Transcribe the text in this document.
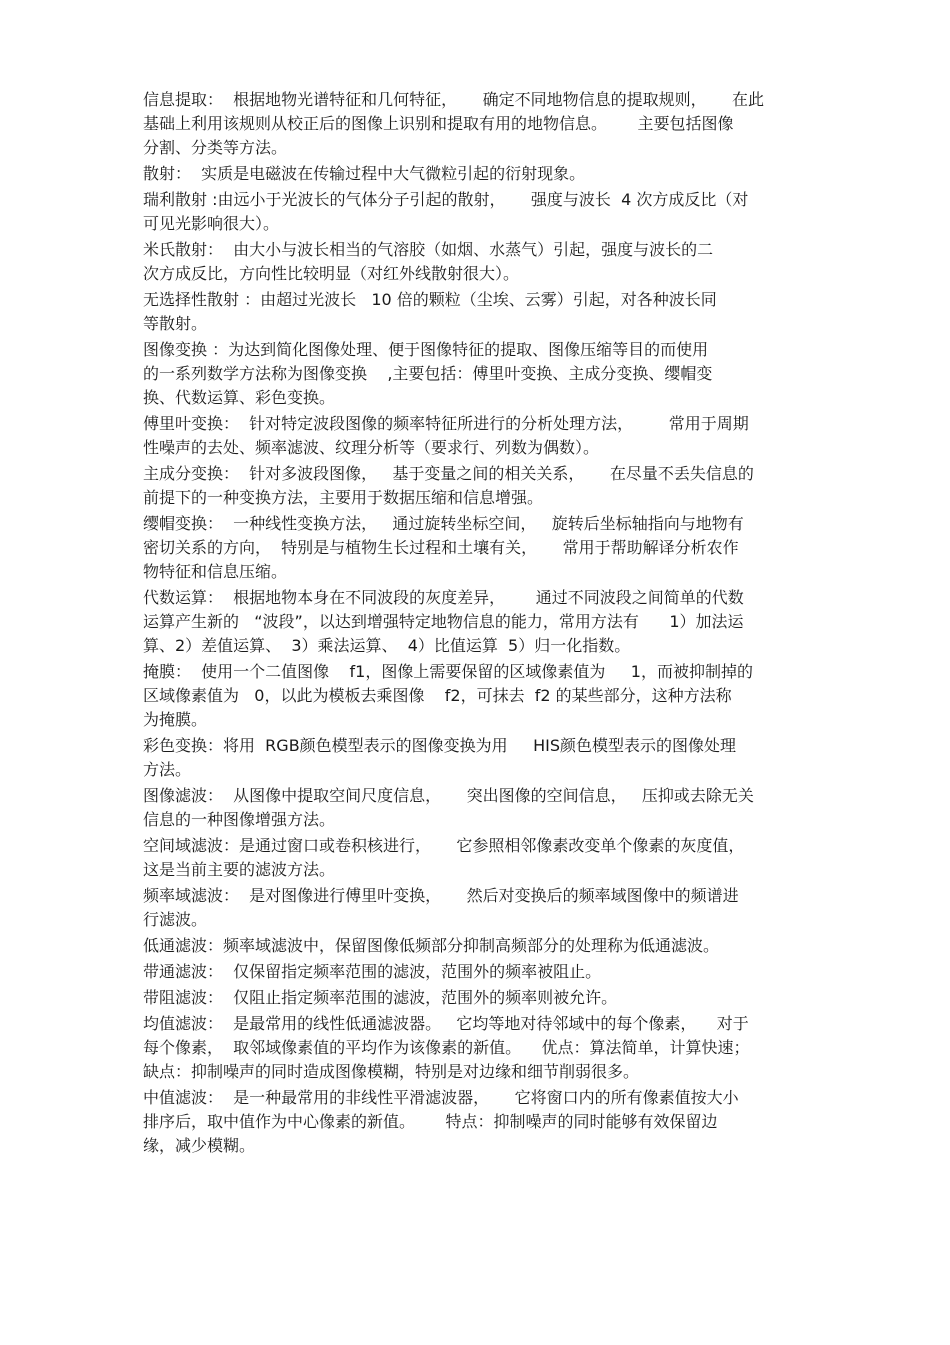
信息提取：  根据地物光谱特征和几何特征，     确定不同地物信息的提取规则，     在此
基础上利用该规则从校正后的图像上识别和提取有用的地物信息。      主要包括图像
分割、分类等方法。
散射：  实质是电磁波在传输过程中大气微粒引起的衍射现象。
瑞利散射 :由远小于光波长的气体分子引起的散射，     强度与波长  4 次方成反比（对
可见光影响很大）。
米氏散射：  由大小与波长相当的气溶胶（如烟、水蒸气）引起，强度与波长的二
次方成反比，方向性比较明显（对红外线散射很大）。
无选择性散射 ：由超过光波长   10 倍的颗粒（尘埃、云雾）引起，对各种波长同
等散射。
图像变换 ：为达到简化图像处理、便于图像特征的提取、图像压缩等目的而使用
的一系列数学方法称为图像变换    ,主要包括：傅里叶变换、主成分变换、缨帽变
换、代数运算、彩色变换。
傅里叶变换：  针对特定波段图像的频率特征所进行的分析处理方法，       常用于周期
性噪声的去处、频率滤波、纹理分析等（要求行、列数为偶数）。
主成分变换：  针对多波段图像，   基于变量之间的相关关系，     在尽量不丢失信息的
前提下的一种变换方法，主要用于数据压缩和信息增强。
缨帽变换：  一种线性变换方法，   通过旋转坐标空间，   旋转后坐标轴指向与地物有
密切关系的方向，  特别是与植物生长过程和土壤有关，     常用于帮助解译分析农作
物特征和信息压缩。
代数运算：  根据地物本身在不同波段的灰度差异，      通过不同波段之间简单的代数
运算产生新的   “波段”，以达到增强特定地物信息的能力，常用方法有      1）加法运
算、2）差值运算、  3）乘法运算、  4）比值运算  5）归一化指数。
掩膜：  使用一个二值图像    f1，图像上需要保留的区域像素值为     1，而被抑制掉的
区域像素值为   0，以此为模板去乘图像    f2，可抹去  f2 的某些部分，这种方法称
为掩膜。
彩色变换：将用  RGB颜色模型表示的图像变换为用     HIS颜色模型表示的图像处理
方法。
图像滤波：  从图像中提取空间尺度信息，     突出图像的空间信息，   压抑或去除无关
信息的一种图像增强方法。
空间域滤波：是通过窗口或卷积核进行，     它参照相邻像素改变单个像素的灰度值，
这是当前主要的滤波方法。
频率域滤波：  是对图像进行傅里叶变换，     然后对变换后的频率域图像中的频谱进
行滤波。
低通滤波：频率域滤波中，保留图像低频部分抑制高频部分的处理称为低通滤波。
带通滤波：  仅保留指定频率范围的滤波，范围外的频率被阻止。
带阻滤波：  仅阻止指定频率范围的滤波，范围外的频率则被允许。
均值滤波：  是最常用的线性低通滤波器。   它均等地对待邻域中的每个像素，    对于
每个像素，  取邻域像素值的平均作为该像素的新值。    优点：算法简单，计算快速；
缺点：抑制噪声的同时造成图像模糊，特别是对边缘和细节削弱很多。
中值滤波：  是一种最常用的非线性平滑滤波器，     它将窗口内的所有像素值按大小
排序后，取中值作为中心像素的新值。      特点：抑制噪声的同时能够有效保留边
缘，减少模糊。
